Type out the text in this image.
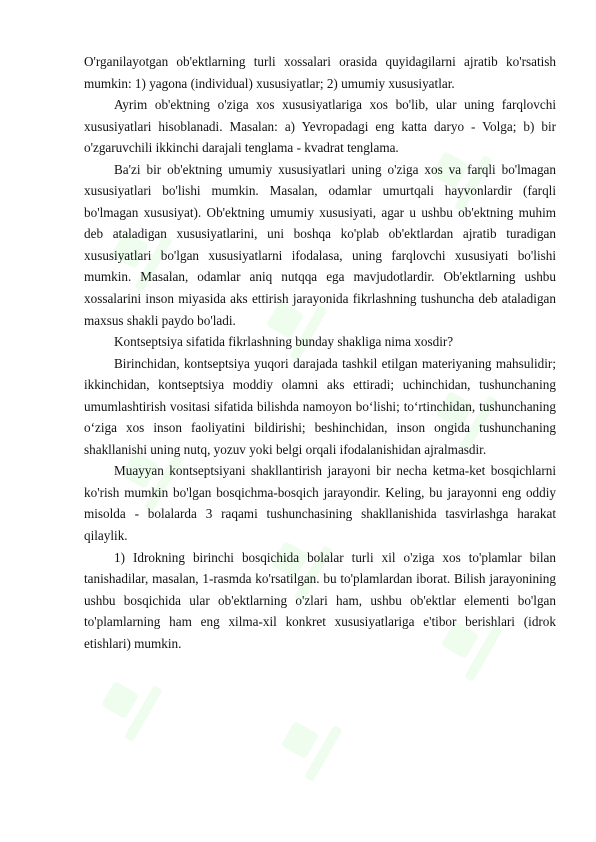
O'rganilayotgan ob'ektlarning turli xossalari orasida quyidagilarni ajratib ko'rsatish mumkin: 1) yagona (individual) xususiyatlar; 2) umumiy xususiyatlar.

Ayrim ob'ektning o'ziga xos xususiyatlariga xos bo'lib, ular uning farqlovchi xususiyatlari hisoblanadi. Masalan: a) Yevropadagi eng katta daryo - Volga; b) bir o'zgaruvchili ikkinchi darajali tenglama - kvadrat tenglama.

Ba'zi bir ob'ektning umumiy xususiyatlari uning o'ziga xos va farqli bo'lmagan xususiyatlari bo'lishi mumkin. Masalan, odamlar umurtqali hayvonlardir (farqli bo'lmagan xususiyat). Ob'ektning umumiy xususiyati, agar u ushbu ob'ektning muhim deb ataladigan xususiyatlarini, uni boshqa ko'plab ob'ektlardan ajratib turadigan xususiyatlari bo'lgan xususiyatlarni ifodalasa, uning farqlovchi xususiyati bo'lishi mumkin. Masalan, odamlar aniq nutqqa ega mavjudotlardir. Ob'ektlarning ushbu xossalarini inson miyasida aks ettirish jarayonida fikrlashning tushuncha deb ataladigan maxsus shakli paydo bo'ladi.

Kontseptsiya sifatida fikrlashning bunday shakliga nima xosdir?

Birinchidan, kontseptsiya yuqori darajada tashkil etilgan materiyaning mahsulidir; ikkinchidan, kontseptsiya moddiy olamni aks ettiradi; uchinchidan, tushunchaning umumlashtirish vositasi sifatida bilishda namoyon bo‘lishi; to‘rtinchidan, tushunchaning o‘ziga xos inson faoliyatini bildirishi; beshinchidan, inson ongida tushunchaning shakllanishi uning nutq, yozuv yoki belgi orqali ifodalanishidan ajralmasdir.

Muayyan kontseptsiyani shakllantirish jarayoni bir necha ketma-ket bosqichlarni ko'rish mumkin bo'lgan bosqichma-bosqich jarayondir. Keling, bu jarayonni eng oddiy misolda - bolalarda 3 raqami tushunchasining shakllanishida tasvirlashga harakat qilaylik.

1) Idrokning birinchi bosqichida bolalar turli xil o'ziga xos to'plamlar bilan tanishadilar, masalan, 1-rasmda ko'rsatilgan. bu to'plamlardan iborat. Bilish jarayonining ushbu bosqichida ular ob'ektlarning o'zlari ham, ushbu ob'ektlar elementi bo'lgan to'plamlarning ham eng xilma-xil konkret xususiyatlariga e'tibor berishlari (idrok etishlari) mumkin.
